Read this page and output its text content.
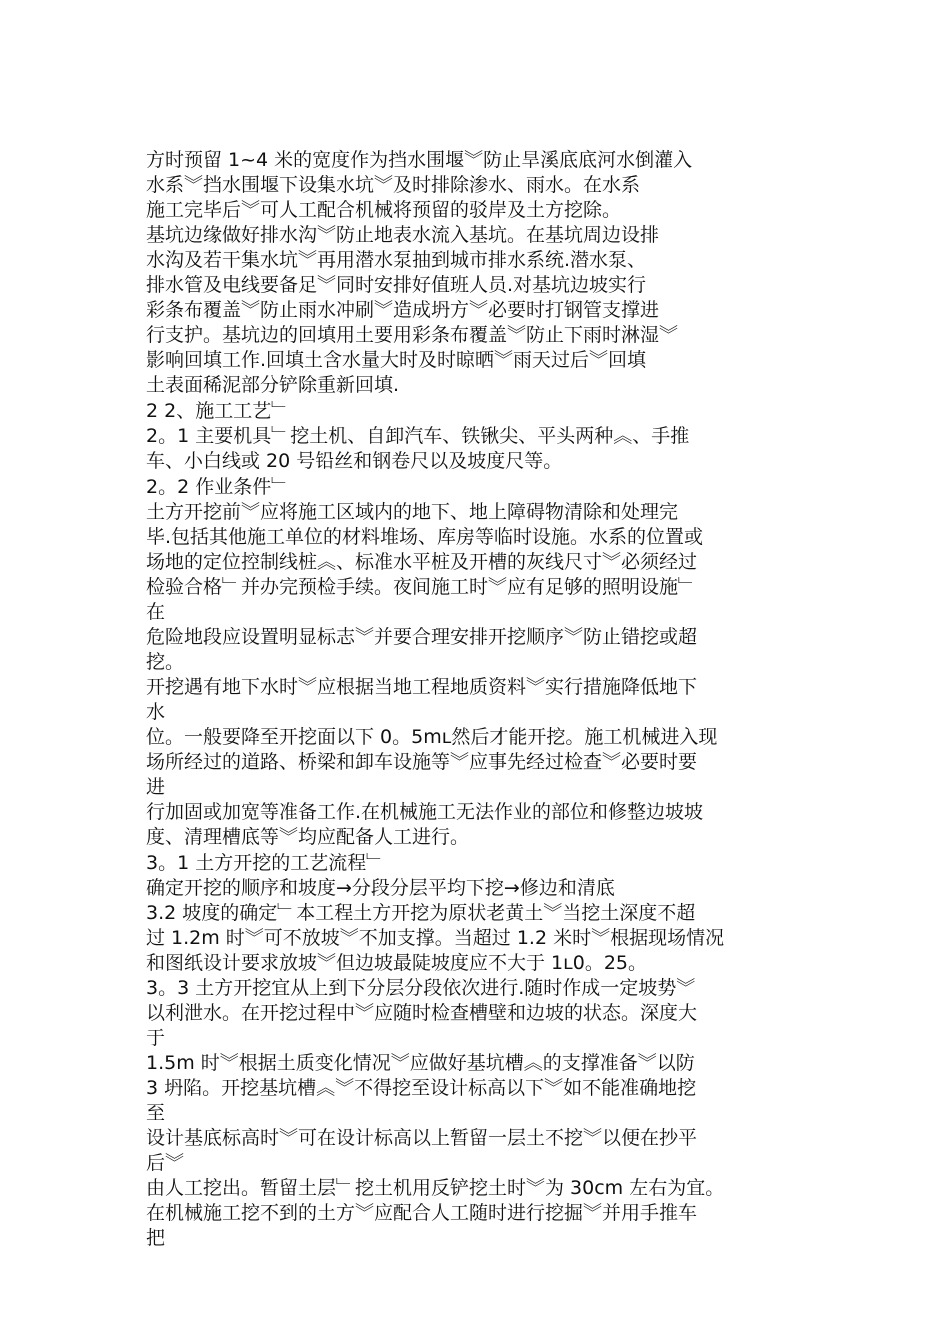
方时预留 1~4 米的宽度作为挡水围堰︾防止旱溪底底河水倒灌入
水系︾挡水围堰下设集水坑︾及时排除渗水、雨水。在水系
施工完毕后︾可人工配合机械将预留的驳岸及土方挖除。
基坑边缘做好排水沟︾防止地表水流入基坑。在基坑周边设排
水沟及若干集水坑︾再用潜水泵抽到城市排水系统.潜水泵、
排水管及电线要备足︾同时安排好值班人员.对基坑边坡实行
彩条布覆盖︾防止雨水冲刷︾造成坍方︾必要时打钢管支撑进
行支护。基坑边的回填用土要用彩条布覆盖︾防止下雨时淋湿︾
影响回填工作.回填土含水量大时及时晾晒︾雨天过后︾回填
土表面稀泥部分铲除重新回填.
2 2、施工工艺﹂
2。1 主要机具﹂挖土机、自卸汽车、铁锹尖、平头两种︽、手推
车、小白线或 20 号铅丝和钢卷尺以及坡度尺等。
2。2 作业条件﹂
土方开挖前︾应将施工区域内的地下、地上障碍物清除和处理完
毕.包括其他施工单位的材料堆场、库房等临时设施。水系的位置或
场地的定位控制线桩︽、标准水平桩及开槽的灰线尺寸︾必须经过
检验合格﹂并办完预检手续。夜间施工时︾应有足够的照明设施﹂
在
危险地段应设置明显标志︾并要合理安排开挖顺序︾防止错挖或超
挖。
开挖遇有地下水时︾应根据当地工程地质资料︾实行措施降低地下
水
位。一般要降至开挖面以下 0。5mʟ然后才能开挖。施工机械进入现
场所经过的道路、桥梁和卸车设施等︾应事先经过检查︾必要时要
进
行加固或加宽等准备工作.在机械施工无法作业的部位和修整边坡坡
度、清理槽底等︾均应配备人工进行。
3。1 土方开挖的工艺流程﹂
确定开挖的顺序和坡度→分段分层平均下挖→修边和清底
3.2 坡度的确定﹂本工程土方开挖为原状老黄土︾当挖土深度不超
过 1.2m 时︾可不放坡︾不加支撑。当超过 1.2 米时︾根据现场情况
和图纸设计要求放坡︾但边坡最陡坡度应不大于 1ʟ0。25。
3。3 土方开挖宜从上到下分层分段依次进行.随时作成一定坡势︾
以利泄水。在开挖过程中︾应随时检查槽壁和边坡的状态。深度大
于
1.5m 时︾根据土质变化情况︾应做好基坑槽︽的支撑准备︾以防
3 坍陷。开挖基坑槽︽︾不得挖至设计标高以下︾如不能准确地挖
至
设计基底标高时︾可在设计标高以上暂留一层土不挖︾以便在抄平
后︾
由人工挖出。暂留土层﹂挖土机用反铲挖土时︾为 30cm 左右为宜。
在机械施工挖不到的土方︾应配合人工随时进行挖掘︾并用手推车
把
